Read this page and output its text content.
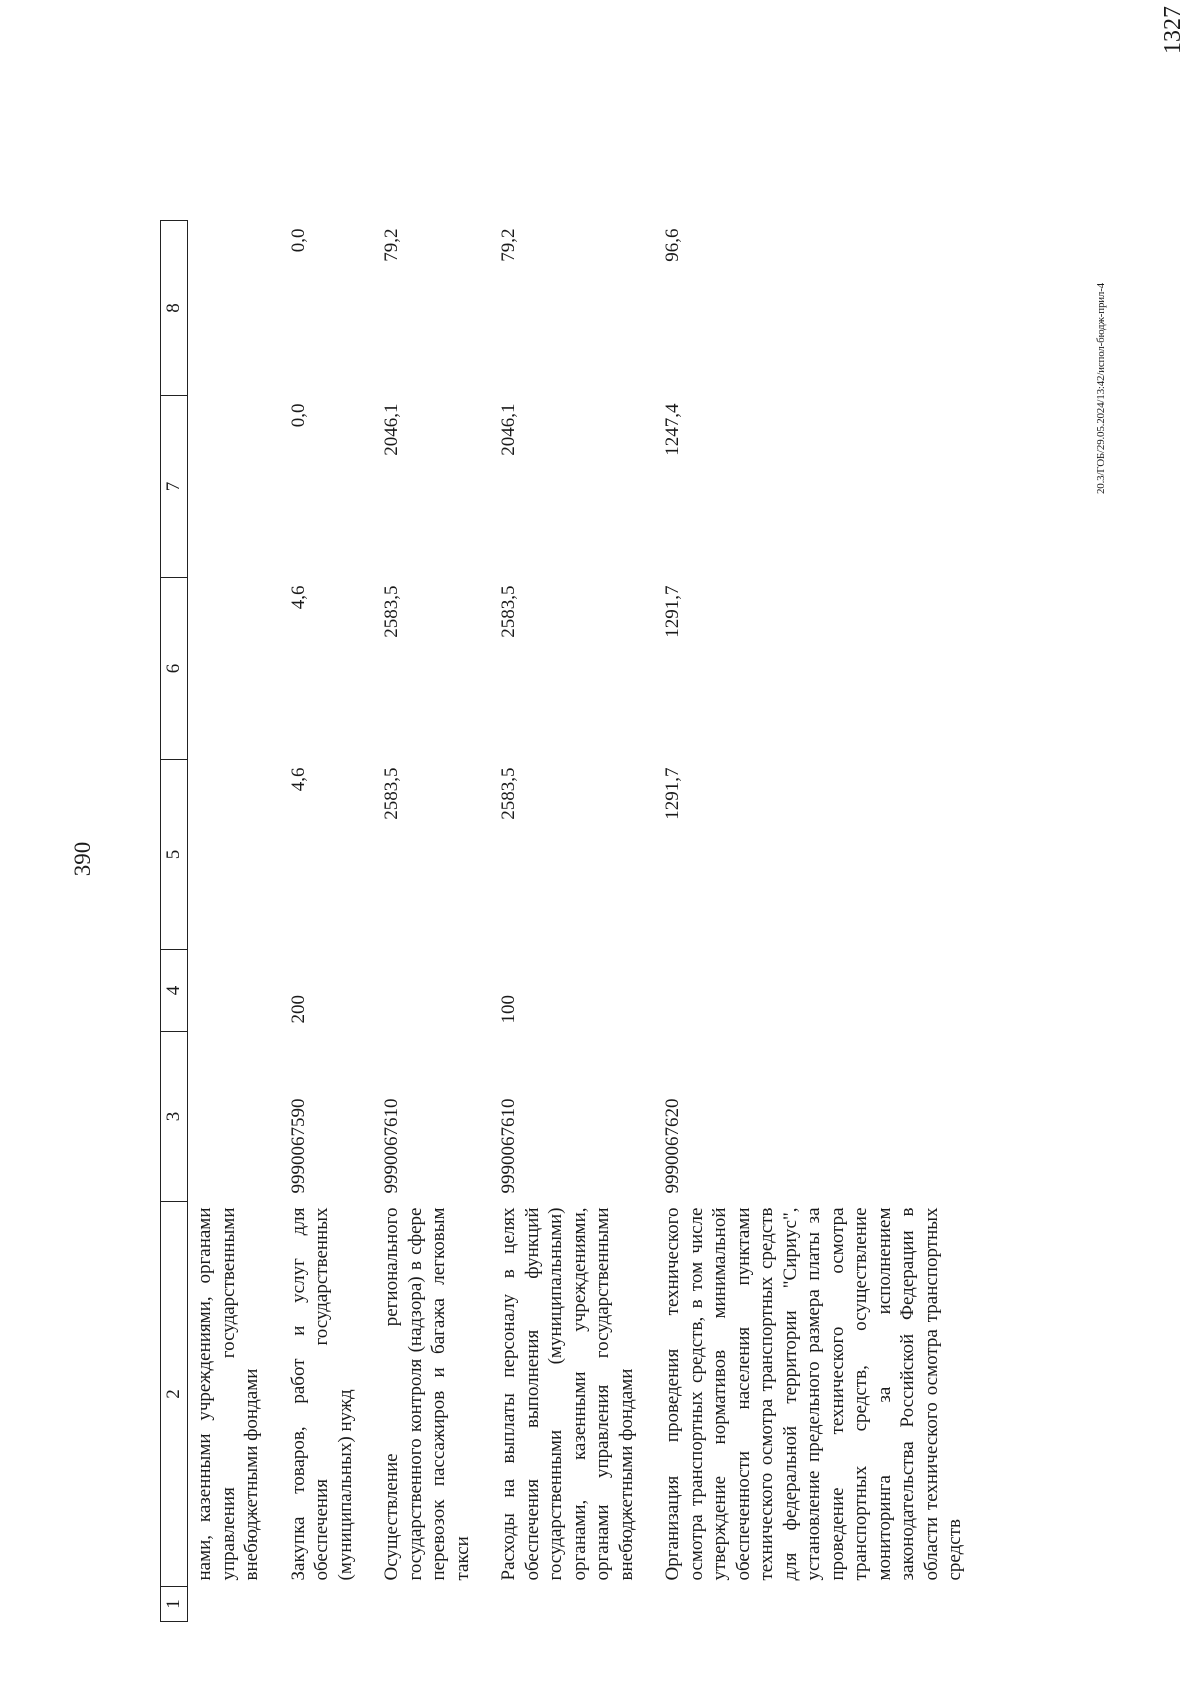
390
1	2	3	4	5	6	7	8
	нами, казенными учреждениями, органами управления государственными внебюджетными фондами						
	Закупка товаров, работ и услуг для обеспечения государственных (муниципальных) нужд	9990067590	200	4,6	4,6	0,0	0,0
	Осуществление регионального государственного контроля (надзора) в сфере перевозок пассажиров и багажа легковым такси	9990067610		2583,5	2583,5	2046,1	79,2
	Расходы на выплаты персоналу в целях обеспечения выполнения функций государственными (муниципальными) органами, казенными учреждениями, органами управления государственными внебюджетными фондами	9990067610	100	2583,5	2583,5	2046,1	79,2
	Организация проведения технического осмотра транспортных средств, в том числе утверждение нормативов минимальной обеспеченности населения пунктами технического осмотра транспортных средств для федеральной территории "Сириус", установление предельного размера платы за проведение технического осмотра транспортных средств, осуществление мониторинга за исполнением законодательства Российской Федерации в области технического осмотра транспортных средств	9990067620		1291,7	1291,7	1247,4	96,6
20.3/ГОБ/29.05.2024/13:42/испол-бюдж-прил-4
1327
